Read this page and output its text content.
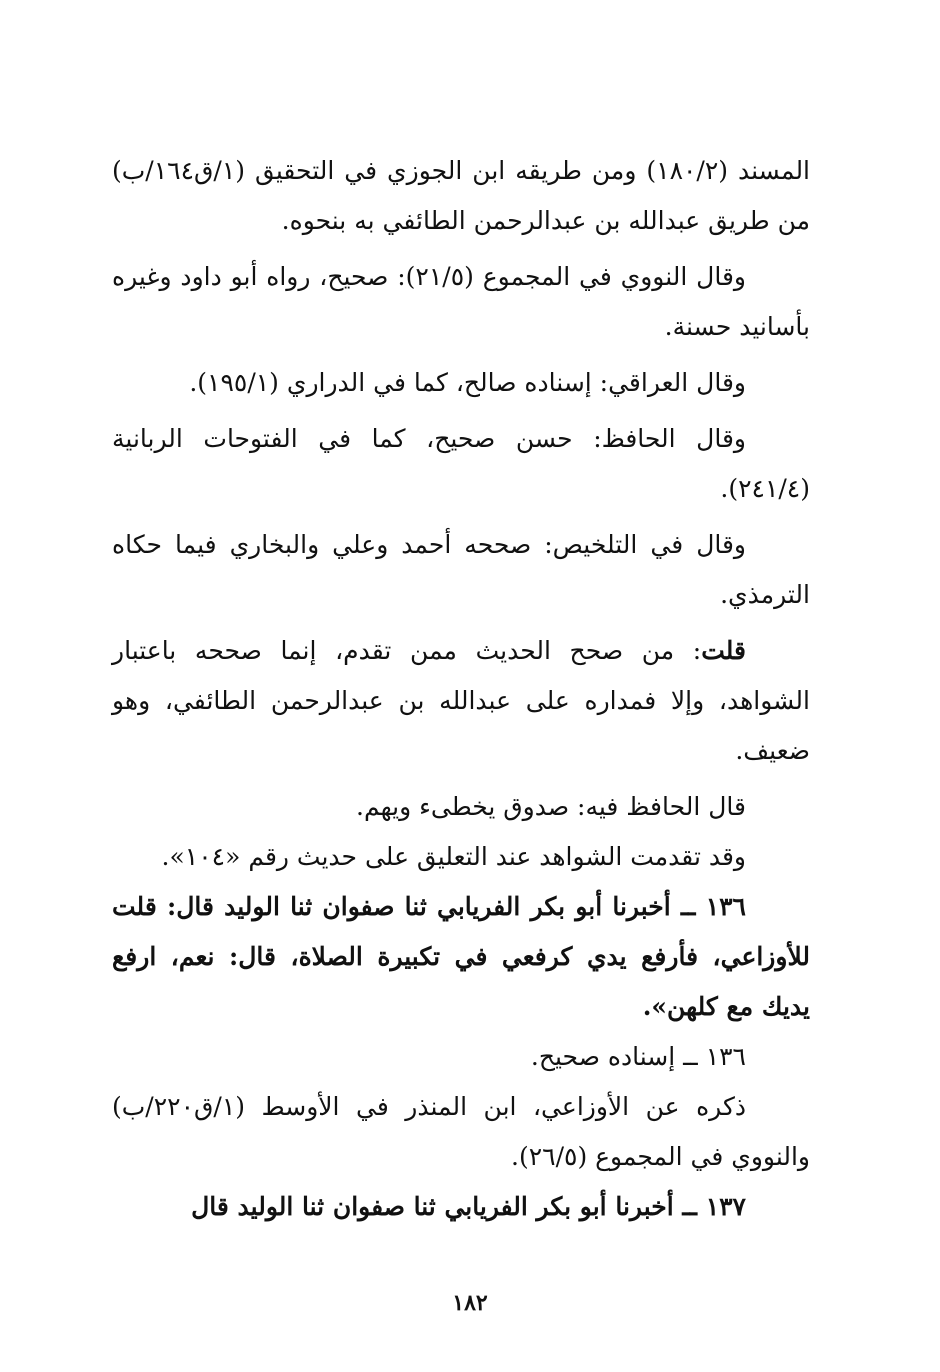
المسند (١٨٠/٢) ومن طريقه ابن الجوزي في التحقيق (١/ق١٦٤/ب) من طريق عبدالله بن عبدالرحمن الطائفي به بنحوه.

وقال النووي في المجموع (٢١/٥): صحيح، رواه أبو داود وغيره بأسانيد حسنة.

وقال العراقي: إسناده صالح، كما في الدراري (١٩٥/١).

وقال الحافظ: حسن صحيح، كما في الفتوحات الربانية (٢٤١/٤).

وقال في التلخيص: صححه أحمد وعلي والبخاري فيما حكاه الترمذي.

قلت: من صحح الحديث ممن تقدم، إنما صححه باعتبار الشواهد، وإلا فمداره على عبدالله بن عبدالرحمن الطائفي، وهو ضعيف.

قال الحافظ فيه: صدوق يخطىء ويهم.

وقد تقدمت الشواهد عند التعليق على حديث رقم «١٠٤».

١٣٦ ــ أخبرنا أبو بكر الفريابي ثنا صفوان ثنا الوليد قال: قلت للأوزاعي، فأرفع يدي كرفعي في تكبيرة الصلاة، قال: نعم، ارفع يديك مع كلهن».

١٣٦ ــ إسناده صحيح.

ذكره عن الأوزاعي، ابن المنذر في الأوسط (١/ق٢٢٠/ب) والنووي في المجموع (٢٦/٥).

١٣٧ ــ أخبرنا أبو بكر الفريابي ثنا صفوان ثنا الوليد قال

١٨٢
